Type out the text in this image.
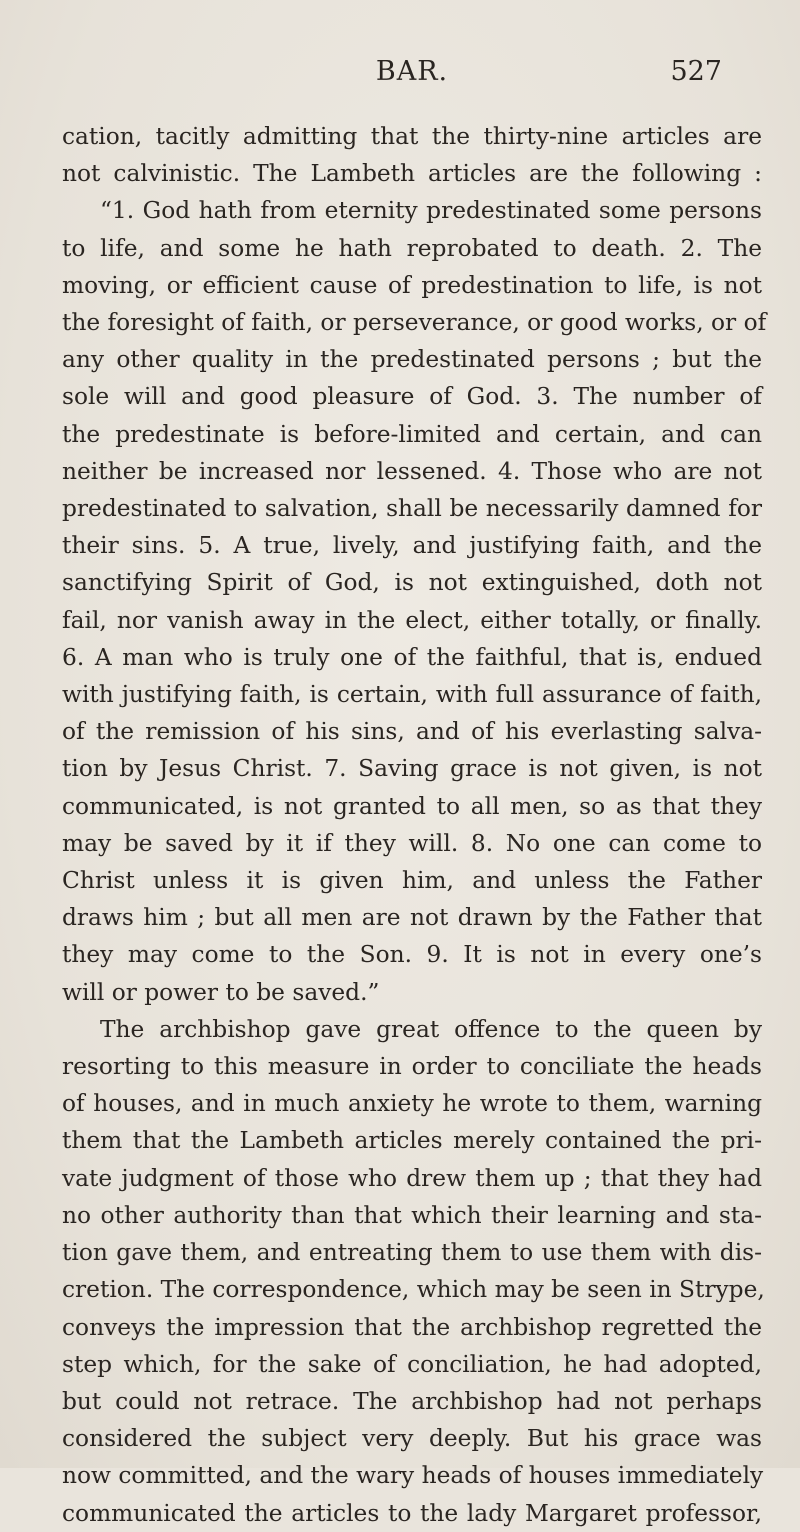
BAR.	527
cation, tacitly admitting that the thirty-nine articles are
not calvinistic. The Lambeth articles are the following :
“1. God hath from eternity predestinated some persons
to life, and some he hath reprobated to death. 2. The
moving, or efficient cause of predestination to life, is not
the foresight of faith, or perseverance, or good works, or of
any other quality in the predestinated persons ; but the
sole will and good pleasure of God. 3. The number of
the predestinate is before-limited and certain, and can
neither be increased nor lessened. 4. Those who are not
predestinated to salvation, shall be necessarily damned for
their sins. 5. A true, lively, and justifying faith, and the
sanctifying Spirit of God, is not extinguished, doth not
fail, nor vanish away in the elect, either totally, or finally.
6. A man who is truly one of the faithful, that is, endued
with justifying faith, is certain, with full assurance of faith,
of the remission of his sins, and of his everlasting salva-
tion by Jesus Christ. 7. Saving grace is not given, is not
communicated, is not granted to all men, so as that they
may be saved by it if they will. 8. No one can come to
Christ unless it is given him, and unless the Father
draws him ; but all men are not drawn by the Father that
they may come to the Son. 9. It is not in every one’s
will or power to be saved.”
The archbishop gave great offence to the queen by
resorting to this measure in order to conciliate the heads
of houses, and in much anxiety he wrote to them, warning
them that the Lambeth articles merely contained the pri-
vate judgment of those who drew them up ; that they had
no other authority than that which their learning and sta-
tion gave them, and entreating them to use them with dis-
cretion. The correspondence, which may be seen in Strype,
conveys the impression that the archbishop regretted the
step which, for the sake of conciliation, he had adopted,
but could not retrace. The archbishop had not perhaps
considered the subject very deeply. But his grace was
now committed, and the wary heads of houses immediately
communicated the articles to the lady Margaret professor,
